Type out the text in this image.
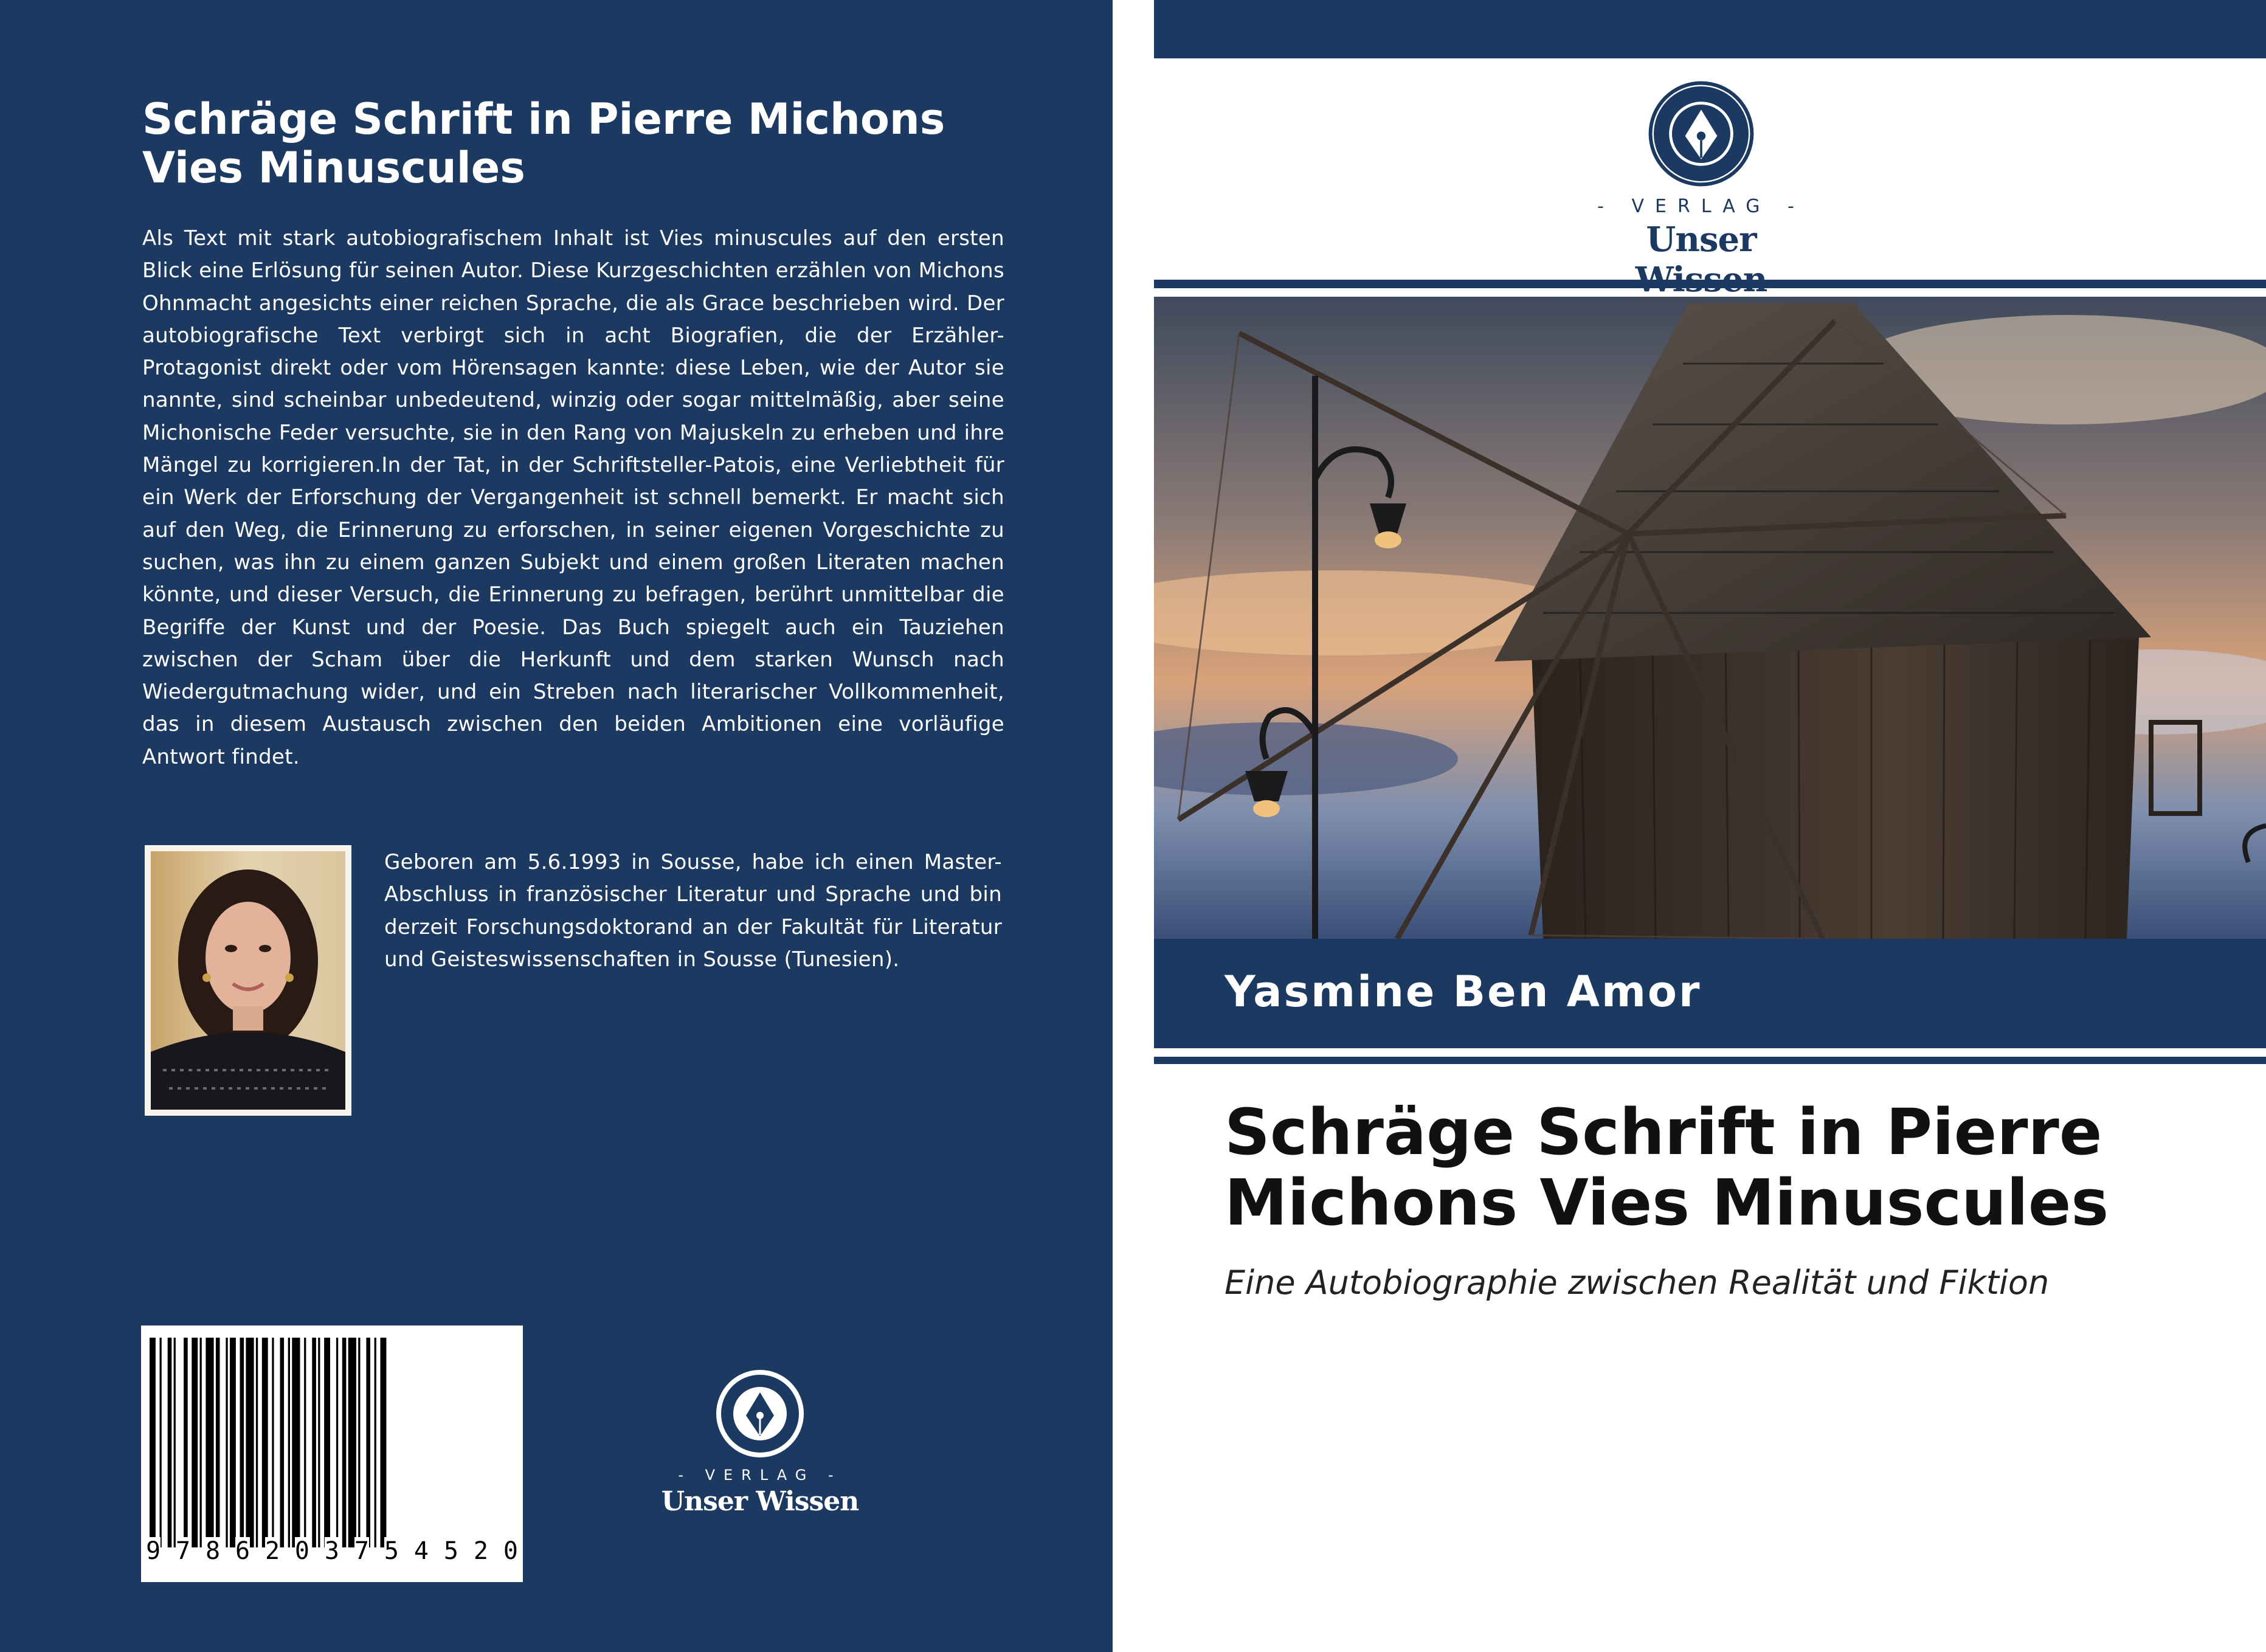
Schräge Schrift in Pierre Michons Vies Minuscules

Als Text mit stark autobiografischem Inhalt ist Vies minuscules auf den ersten Blick eine Erlösung für seinen Autor. Diese Kurzgeschichten erzählen von Michons Ohnmacht angesichts einer reichen Sprache, die als Grace beschrieben wird. Der autobiografische Text verbirgt sich in acht Biografien, die der Erzähler-Protagonist direkt oder vom Hörensagen kannte: diese Leben, wie der Autor sie nannte, sind scheinbar unbedeutend, winzig oder sogar mittelmäßig, aber seine Michonische Feder versuchte, sie in den Rang von Majuskeln zu erheben und ihre Mängel zu korrigieren.In der Tat, in der Schriftsteller-Patois, eine Verliebtheit für ein Werk der Erforschung der Vergangenheit ist schnell bemerkt. Er macht sich auf den Weg, die Erinnerung zu erforschen, in seiner eigenen Vorgeschichte zu suchen, was ihn zu einem ganzen Subjekt und einem großen Literaten machen könnte, und dieser Versuch, die Erinnerung zu befragen, berührt unmittelbar die Begriffe der Kunst und der Poesie. Das Buch spiegelt auch ein Tauziehen zwischen der Scham über die Herkunft und dem starken Wunsch nach Wiedergutmachung wider, und ein Streben nach literarischer Vollkommenheit, das in diesem Austausch zwischen den beiden Ambitionen eine vorläufige Antwort findet.

Geboren am 5.6.1993 in Sousse, habe ich einen Master-Abschluss in französischer Literatur und Sprache und bin derzeit Forschungsdoktorand an der Fakultät für Literatur und Geisteswissenschaften in Sousse (Tunesien).

9 7 8 6 2 0 3 7 5 4 5 2 0
- VERLAG -
Unser Wissen
- VERLAG -
Unser
Yasmine Ben Amor
Schräge Schrift in Pierre Michons Vies Minuscules

Eine Autobiographie zwischen Realität und Fiktion
